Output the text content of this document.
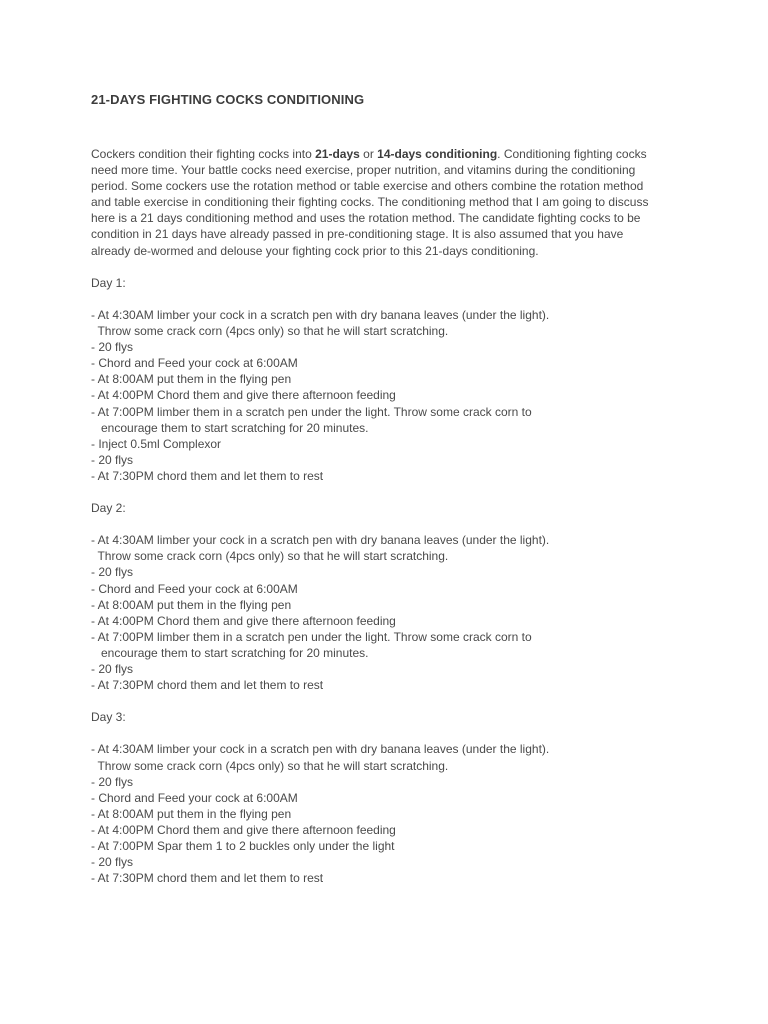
21-DAYS FIGHTING COCKS CONDITIONING
Cockers condition their fighting cocks into 21-days or 14-days conditioning. Conditioning fighting cocks
need more time. Your battle cocks need exercise, proper nutrition, and vitamins during the conditioning
period. Some cockers use the rotation method or table exercise and others combine the rotation method
and table exercise in conditioning their fighting cocks. The conditioning method that I am going to discuss
here is a 21 days conditioning method and uses the rotation method. The candidate fighting cocks to be
condition in 21 days have already passed in pre-conditioning stage. It is also assumed that you have
already de-wormed and delouse your fighting cock prior to this 21-days conditioning.
Day 1:
- At 4:30AM limber your cock in a scratch pen with dry banana leaves (under the light).
Throw some crack corn (4pcs only) so that he will start scratching.
- 20 flys
- Chord and Feed your cock at 6:00AM
- At 8:00AM put them in the flying pen
- At 4:00PM Chord them and give there afternoon feeding
- At 7:00PM limber them in a scratch pen under the light. Throw some crack corn to
encourage them to start scratching for 20 minutes.
- Inject 0.5ml Complexor
- 20 flys
- At 7:30PM chord them and let them to rest
Day 2:
- At 4:30AM limber your cock in a scratch pen with dry banana leaves (under the light).
Throw some crack corn (4pcs only) so that he will start scratching.
- 20 flys
- Chord and Feed your cock at 6:00AM
- At 8:00AM put them in the flying pen
- At 4:00PM Chord them and give there afternoon feeding
- At 7:00PM limber them in a scratch pen under the light. Throw some crack corn to
encourage them to start scratching for 20 minutes.
- 20 flys
- At 7:30PM chord them and let them to rest
Day 3:
- At 4:30AM limber your cock in a scratch pen with dry banana leaves (under the light).
Throw some crack corn (4pcs only) so that he will start scratching.
- 20 flys
- Chord and Feed your cock at 6:00AM
- At 8:00AM put them in the flying pen
- At 4:00PM Chord them and give there afternoon feeding
- At 7:00PM Spar them 1 to 2 buckles only under the light
- 20 flys
- At 7:30PM chord them and let them to rest
